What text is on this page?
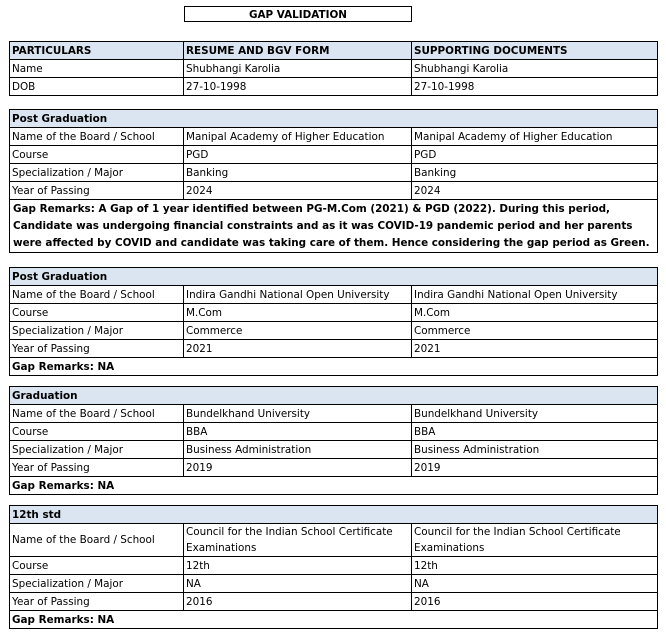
GAP VALIDATION
PARTICULARS	RESUME AND BGV FORM	SUPPORTING DOCUMENTS
Name	Shubhangi Karolia	Shubhangi Karolia
DOB	27-10-1998	27-10-1998
Post Graduation		
Name of the Board / School	Manipal Academy of Higher Education	Manipal Academy of Higher Education
Course	PGD	PGD
Specialization / Major	Banking	Banking
Year of Passing	2024	2024
Gap Remarks: A Gap of 1 year identified between PG-M.Com (2021) & PGD (2022). During this period, Candidate was undergoing financial constraints and as it was COVID-19 pandemic period and her parents were affected by COVID and candidate was taking care of them. Hence considering the gap period as Green.		
Post Graduation		
Name of the Board / School	Indira Gandhi National Open University	Indira Gandhi National Open University
Course	M.Com	M.Com
Specialization / Major	Commerce	Commerce
Year of Passing	2021	2021
Gap Remarks: NA		
Graduation		
Name of the Board / School	Bundelkhand University	Bundelkhand University
Course	BBA	BBA
Specialization / Major	Business Administration	Business Administration
Year of Passing	2019	2019
Gap Remarks: NA		
12th std		
Name of the Board / School	Council for the Indian School Certificate Examinations	Council for the Indian School Certificate Examinations
Course	12th	12th
Specialization / Major	NA	NA
Year of Passing	2016	2016
Gap Remarks: NA		
